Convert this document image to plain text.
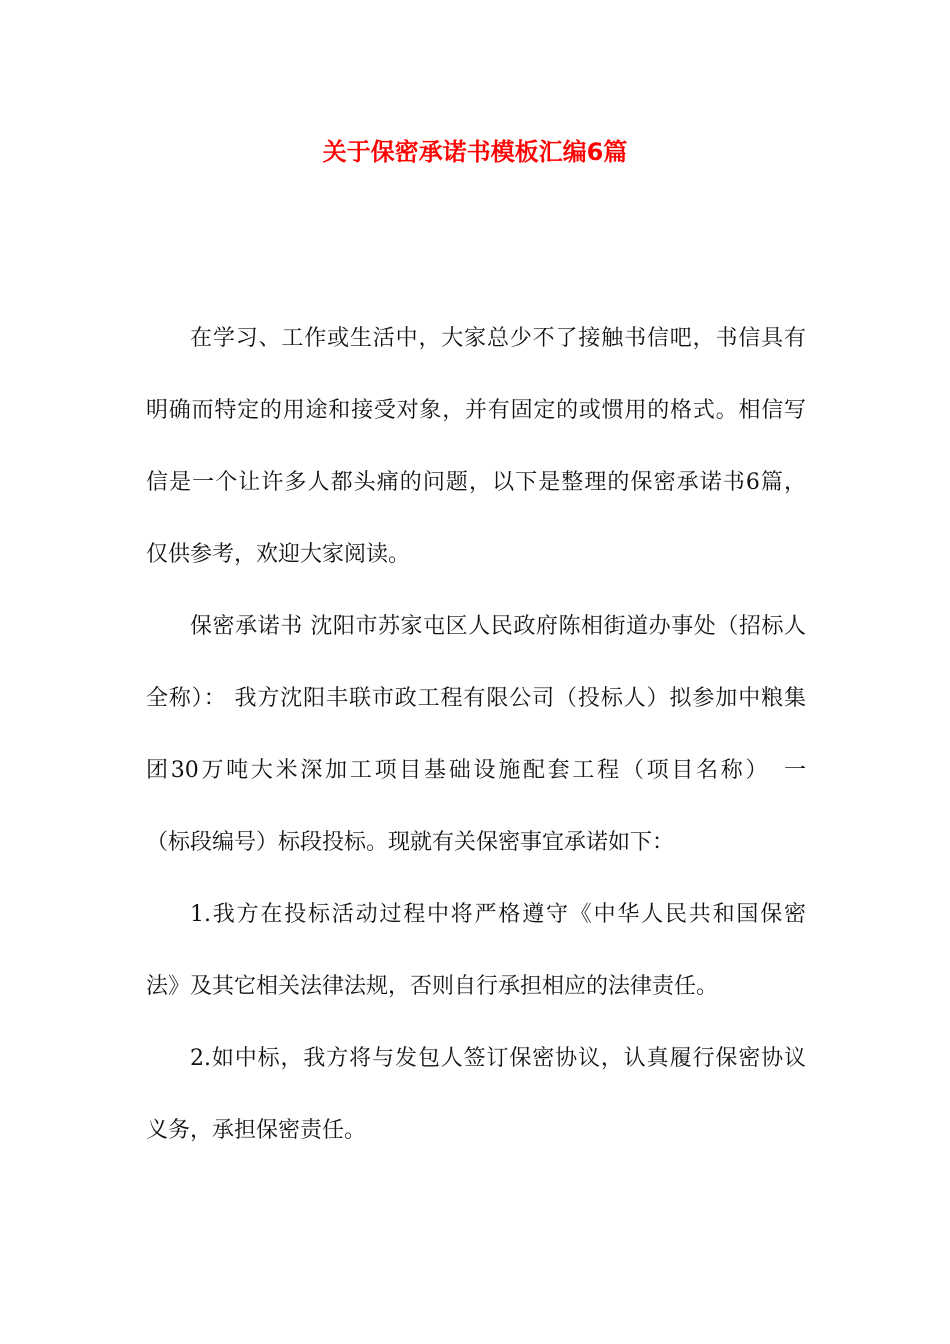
关于保密承诺书模板汇编6篇
在学习、工作或生活中，大家总少不了接触书信吧，书信具有
明确而特定的用途和接受对象，并有固定的或惯用的格式。相信写
信是一个让许多人都头痛的问题，以下是整理的保密承诺书6篇，
仅供参考，欢迎大家阅读。
保密承诺书 沈阳市苏家屯区人民政府陈相街道办事处（招标人
全称）： 我方沈阳丰联市政工程有限公司（投标人）拟参加中粮集
团30万吨大米深加工项目基础设施配套工程（项目名称）　一
（标段编号）标段投标。现就有关保密事宜承诺如下：
1.我方在投标活动过程中将严格遵守《中华人民共和国保密
法》及其它相关法律法规，否则自行承担相应的法律责任。
2.如中标，我方将与发包人签订保密协议，认真履行保密协议
义务，承担保密责任。
